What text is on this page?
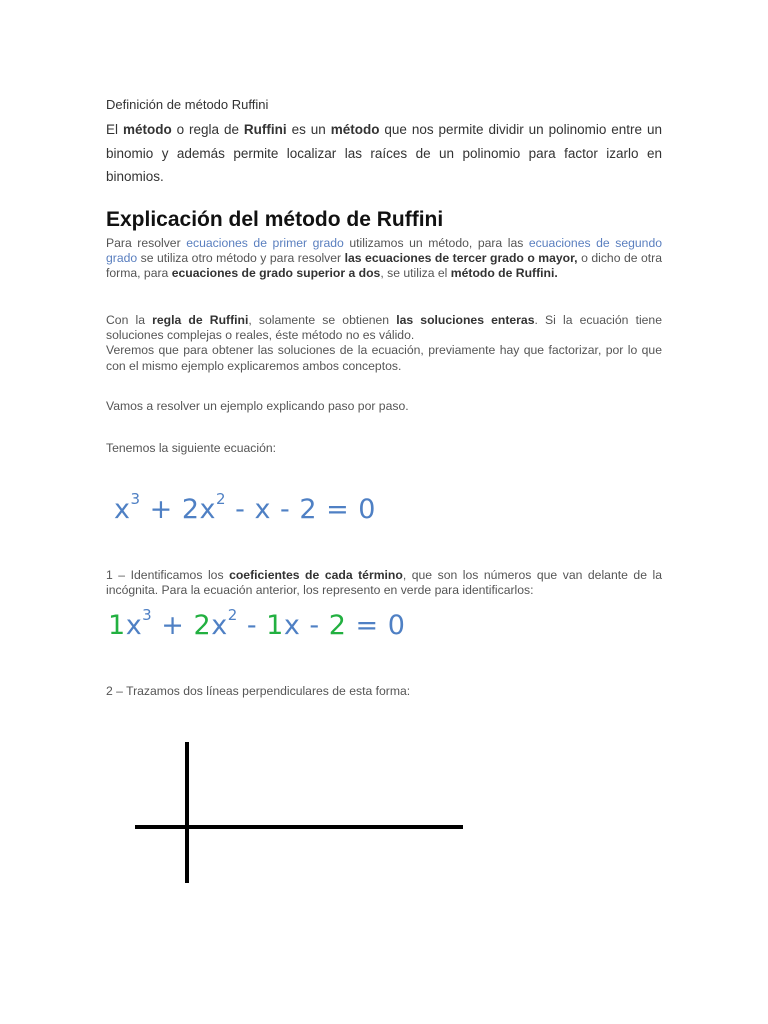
Definición de método Ruffini
El método o regla de Ruffini es un método que nos permite dividir un polinomio entre un binomio y además permite localizar las raíces de un polinomio para factor izarlo en binomios.
Explicación del método de Ruffini
Para resolver ecuaciones de primer grado utilizamos un método, para las ecuaciones de segundo grado se utiliza otro método y para resolver las ecuaciones de tercer grado o mayor, o dicho de otra forma, para ecuaciones de grado superior a dos, se utiliza el método de Ruffini.
Con la regla de Ruffini, solamente se obtienen las soluciones enteras. Si la ecuación tiene soluciones complejas o reales, éste método no es válido.
Veremos que para obtener las soluciones de la ecuación, previamente hay que factorizar, por lo que con el mismo ejemplo explicaremos ambos conceptos.
Vamos a resolver un ejemplo explicando paso por paso.
Tenemos la siguiente ecuación:
$x^3 + 2x^2 - x - 2 = 0$
1 – Identificamos los coeficientes de cada término, que son los números que van delante de la incógnita. Para la ecuación anterior, los represento en verde para identificarlos:
$1x^3 + 2x^2 - 1x - 2 = 0$
2 – Trazamos dos líneas perpendiculares de esta forma:
